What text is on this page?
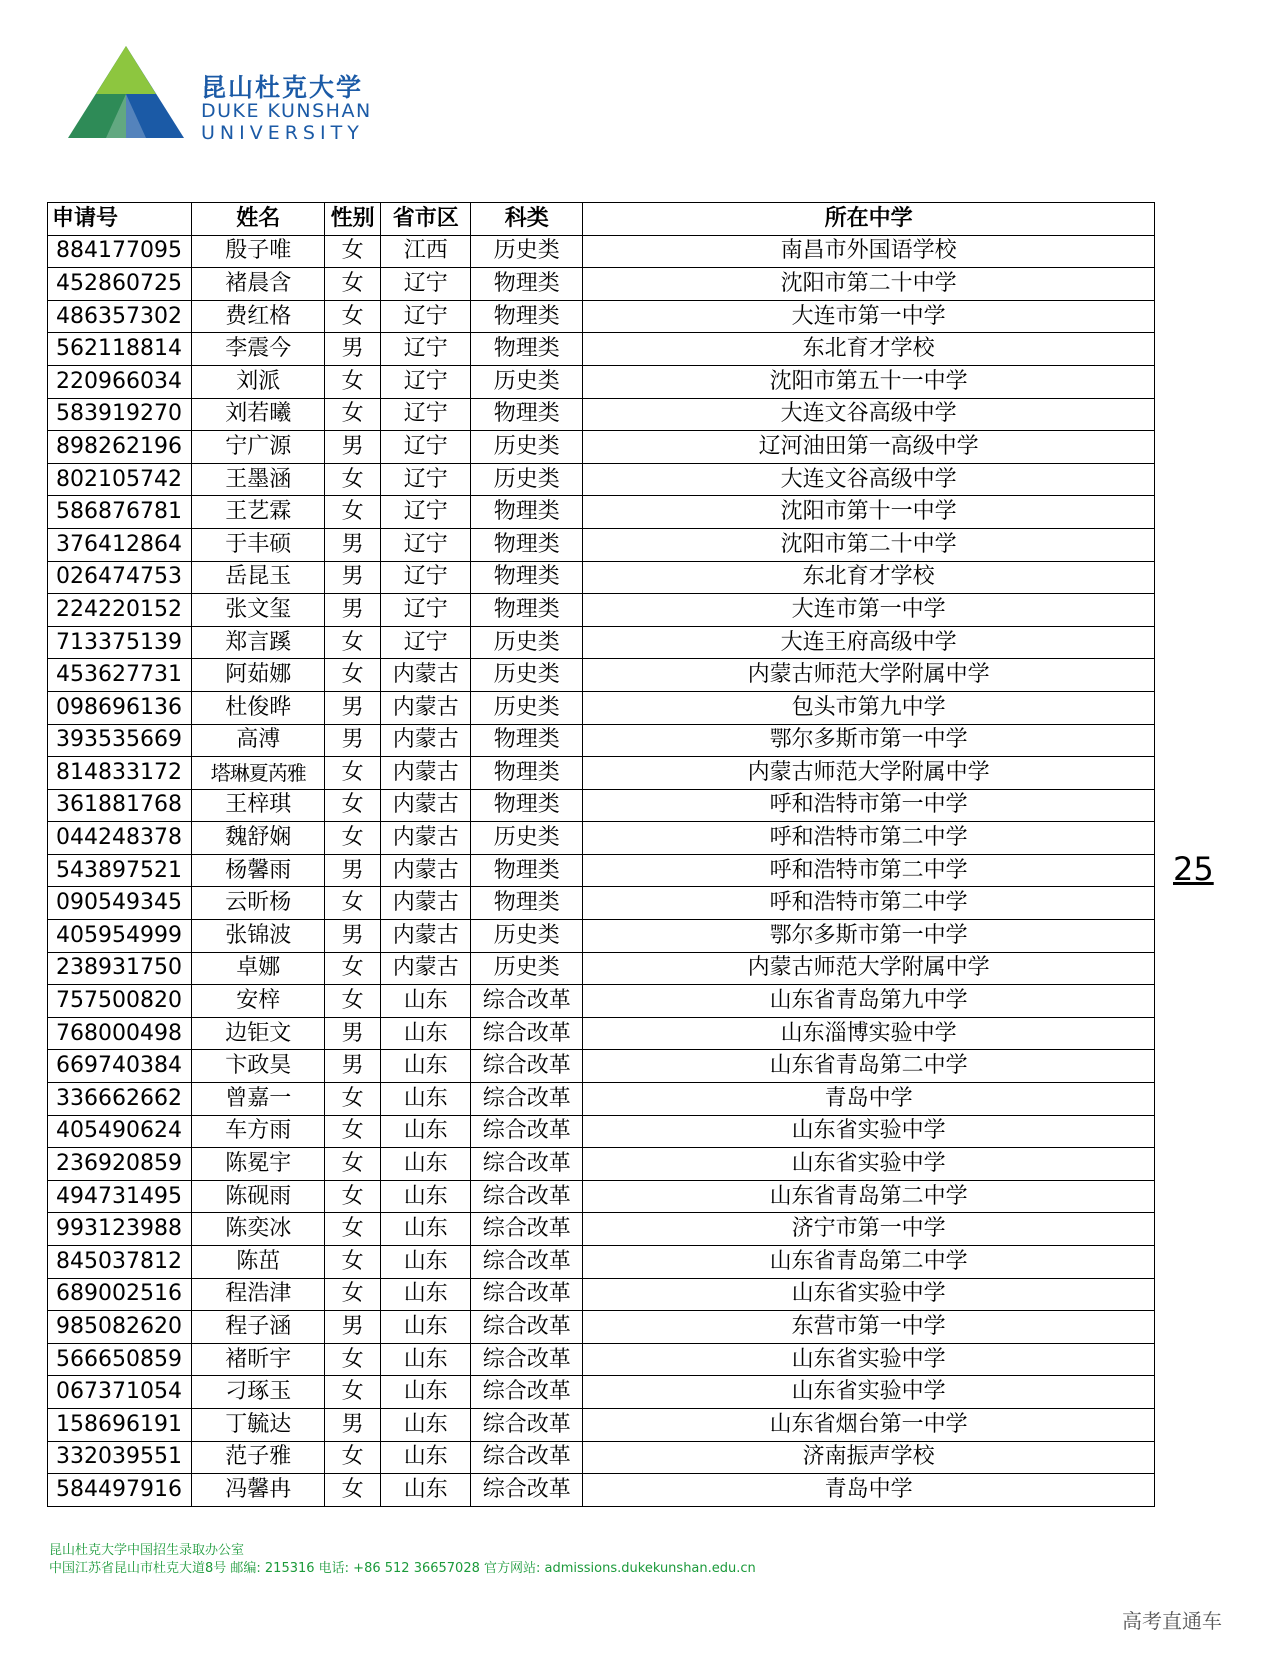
昆山杜克大学
DUKE KUNSHAN
UNIVERSITY
申请号	姓名	性别	省市区	科类	所在中学
884177095	殷子唯	女	江西	历史类	南昌市外国语学校
452860725	褚晨含	女	辽宁	物理类	沈阳市第二十中学
486357302	费红格	女	辽宁	物理类	大连市第一中学
562118814	李震今	男	辽宁	物理类	东北育才学校
220966034	刘派	女	辽宁	历史类	沈阳市第五十一中学
583919270	刘若曦	女	辽宁	物理类	大连文谷高级中学
898262196	宁广源	男	辽宁	历史类	辽河油田第一高级中学
802105742	王墨涵	女	辽宁	历史类	大连文谷高级中学
586876781	王艺霖	女	辽宁	物理类	沈阳市第十一中学
376412864	于丰硕	男	辽宁	物理类	沈阳市第二十中学
026474753	岳昆玉	男	辽宁	物理类	东北育才学校
224220152	张文玺	男	辽宁	物理类	大连市第一中学
713375139	郑言蹊	女	辽宁	历史类	大连王府高级中学
453627731	阿茹娜	女	内蒙古	历史类	内蒙古师范大学附属中学
098696136	杜俊晔	男	内蒙古	历史类	包头市第九中学
393535669	高溥	男	内蒙古	物理类	鄂尔多斯市第一中学
814833172	塔琳夏芮雅	女	内蒙古	物理类	内蒙古师范大学附属中学
361881768	王梓琪	女	内蒙古	物理类	呼和浩特市第一中学
044248378	魏舒娴	女	内蒙古	历史类	呼和浩特市第二中学
543897521	杨馨雨	男	内蒙古	物理类	呼和浩特市第二中学
090549345	云昕杨	女	内蒙古	物理类	呼和浩特市第二中学
405954999	张锦波	男	内蒙古	历史类	鄂尔多斯市第一中学
238931750	卓娜	女	内蒙古	历史类	内蒙古师范大学附属中学
757500820	安梓	女	山东	综合改革	山东省青岛第九中学
768000498	边钜文	男	山东	综合改革	山东淄博实验中学
669740384	卞政昊	男	山东	综合改革	山东省青岛第二中学
336662662	曾嘉一	女	山东	综合改革	青岛中学
405490624	车方雨	女	山东	综合改革	山东省实验中学
236920859	陈冕宇	女	山东	综合改革	山东省实验中学
494731495	陈砚雨	女	山东	综合改革	山东省青岛第二中学
993123988	陈奕冰	女	山东	综合改革	济宁市第一中学
845037812	陈茁	女	山东	综合改革	山东省青岛第二中学
689002516	程浩津	女	山东	综合改革	山东省实验中学
985082620	程子涵	男	山东	综合改革	东营市第一中学
566650859	褚昕宇	女	山东	综合改革	山东省实验中学
067371054	刁琢玉	女	山东	综合改革	山东省实验中学
158696191	丁毓达	男	山东	综合改革	山东省烟台第一中学
332039551	范子雅	女	山东	综合改革	济南振声学校
584497916	冯馨冉	女	山东	综合改革	青岛中学
25
昆山杜克大学中国招生录取办公室
中国江苏省昆山市杜克大道8号 邮编: 215316 电话: +86 512 36657028 官方网站: admissions.dukekunshan.edu.cn
高考直通车
